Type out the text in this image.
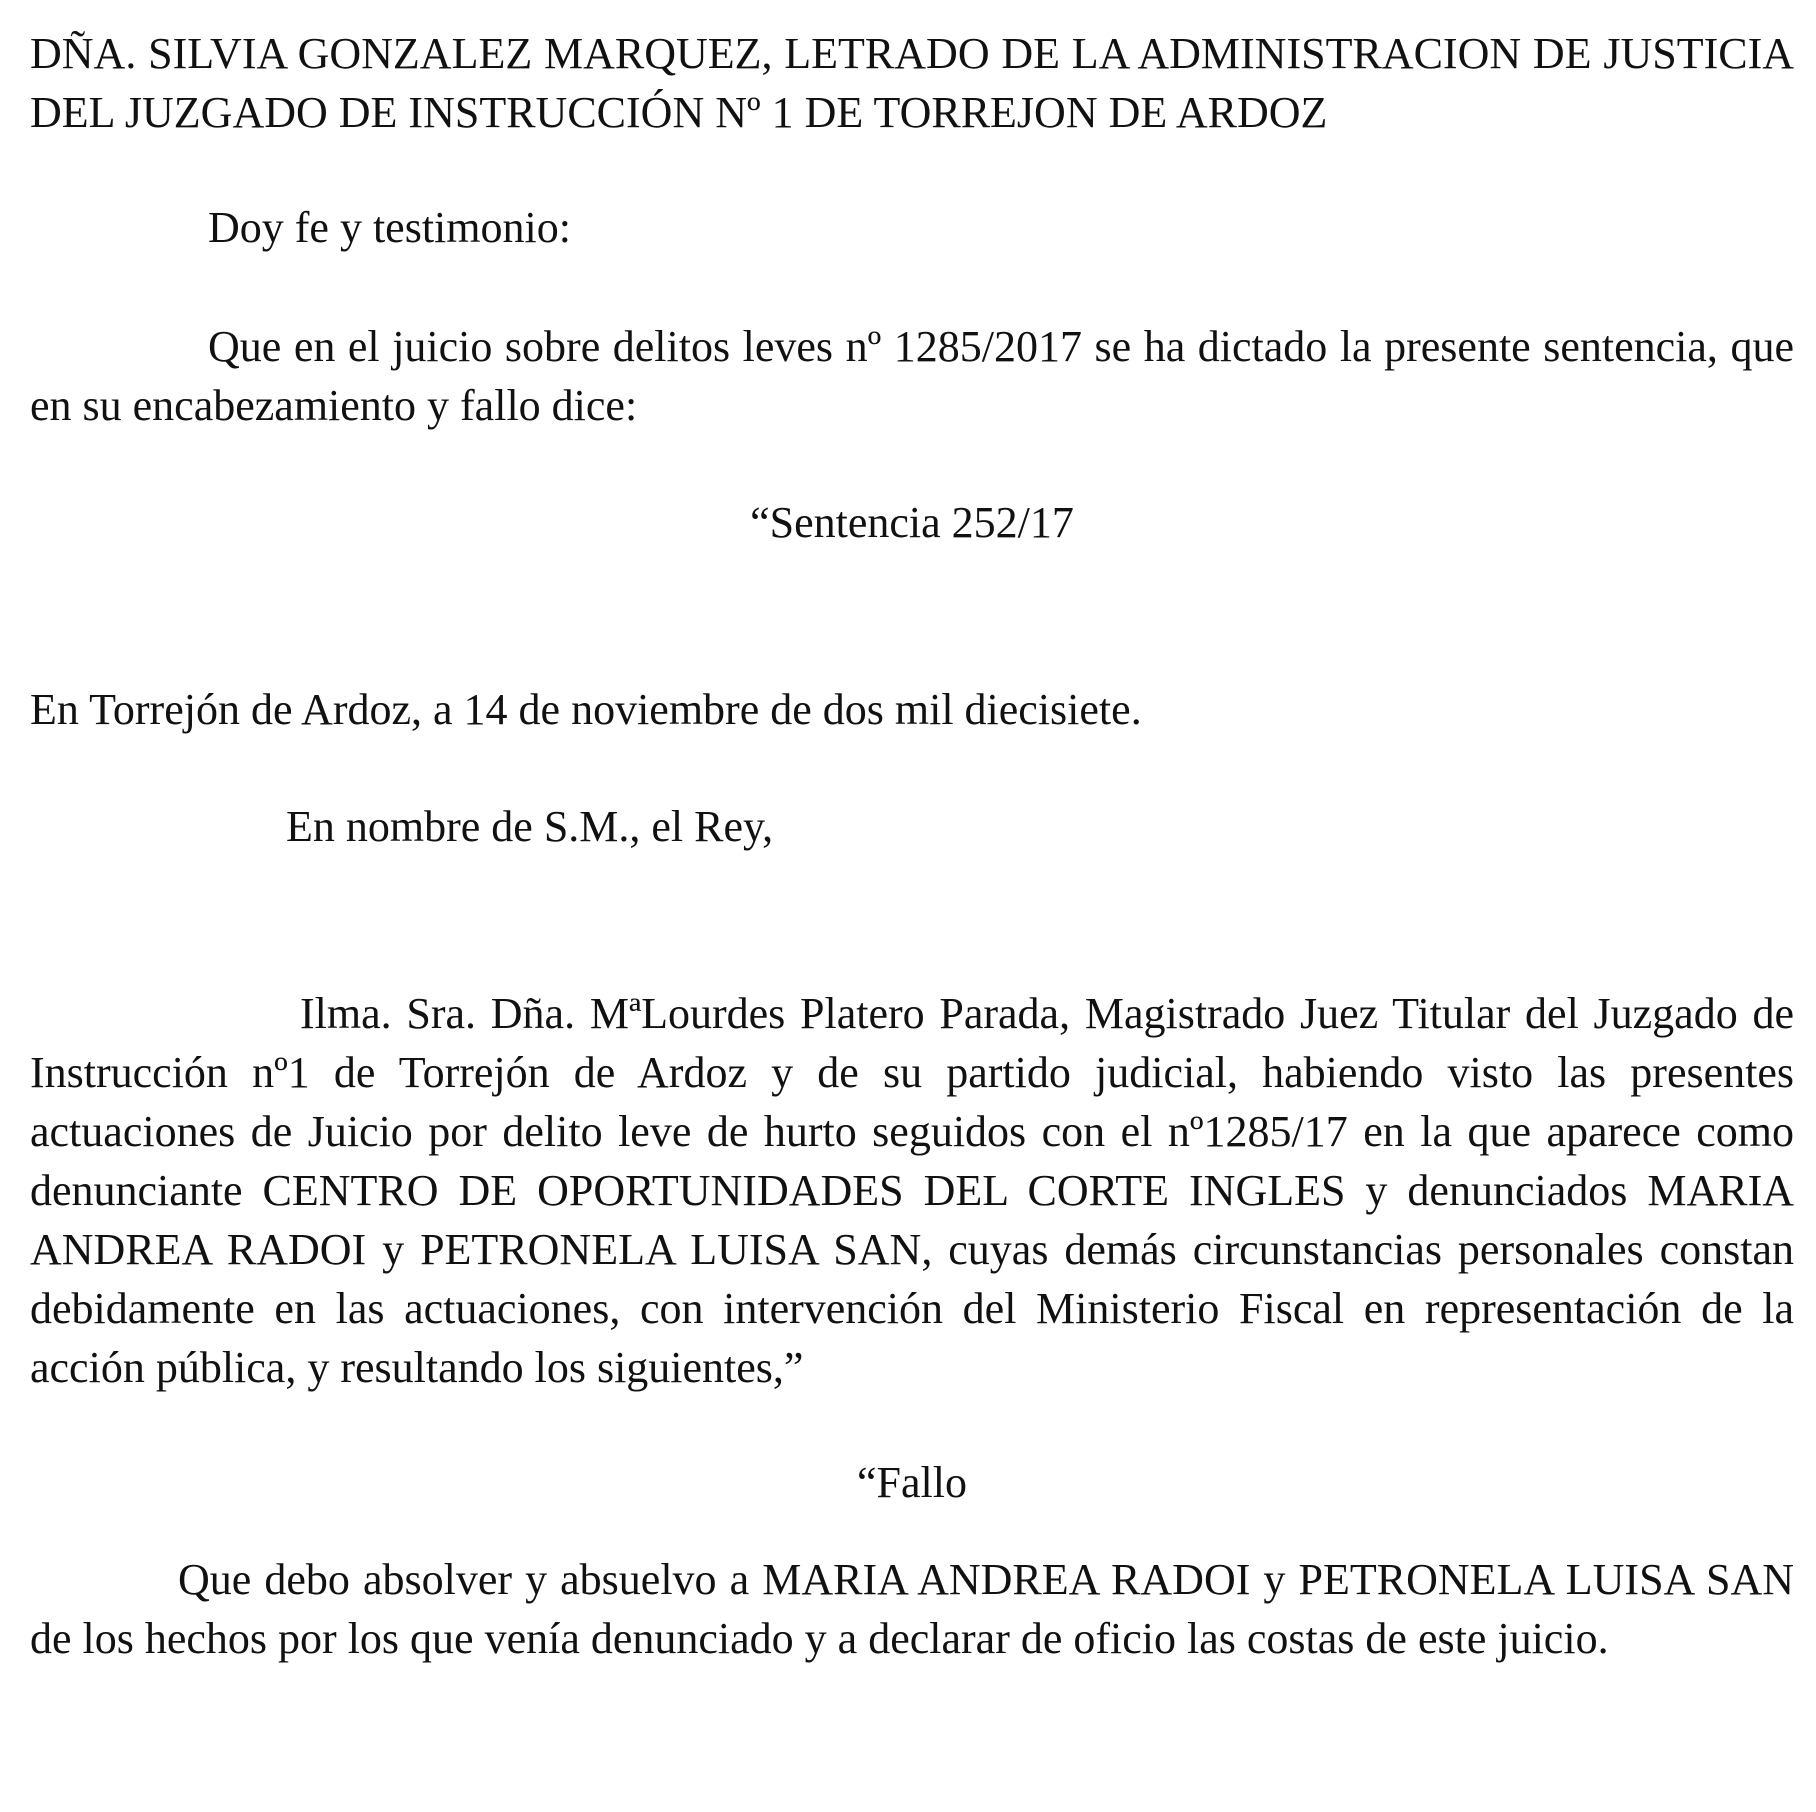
DÑA. SILVIA GONZALEZ MARQUEZ, LETRADO DE LA ADMINISTRACION DE JUSTICIA DEL JUZGADO DE INSTRUCCIÓN Nº 1 DE TORREJON DE ARDOZ

Doy fe y testimonio:

Que en el juicio sobre delitos leves nº 1285/2017 se ha dictado la presente sentencia, que en su encabezamiento y fallo dice:

“Sentencia 252/17

En Torrejón de Ardoz, a 14 de noviembre de dos mil diecisiete.

En nombre de S.M., el Rey,

Ilma. Sra. Dña. MªLourdes Platero Parada, Magistrado Juez Titular del Juzgado de Instrucción nº1 de Torrejón de Ardoz y de su partido judicial, habiendo visto las presentes actuaciones de Juicio por delito leve de hurto seguidos con el nº1285/17 en la que aparece como denunciante CENTRO DE OPORTUNIDADES DEL CORTE INGLES y denunciados MARIA ANDREA RADOI y PETRONELA LUISA SAN, cuyas demás circunstancias personales constan debidamente en las actuaciones, con intervención del Ministerio Fiscal en representación de la acción pública, y resultando los siguientes,”

“Fallo

Que debo absolver y absuelvo a MARIA ANDREA RADOI y PETRONELA LUISA SAN de los hechos por los que venía denunciado y a declarar de oficio las costas de este juicio.
